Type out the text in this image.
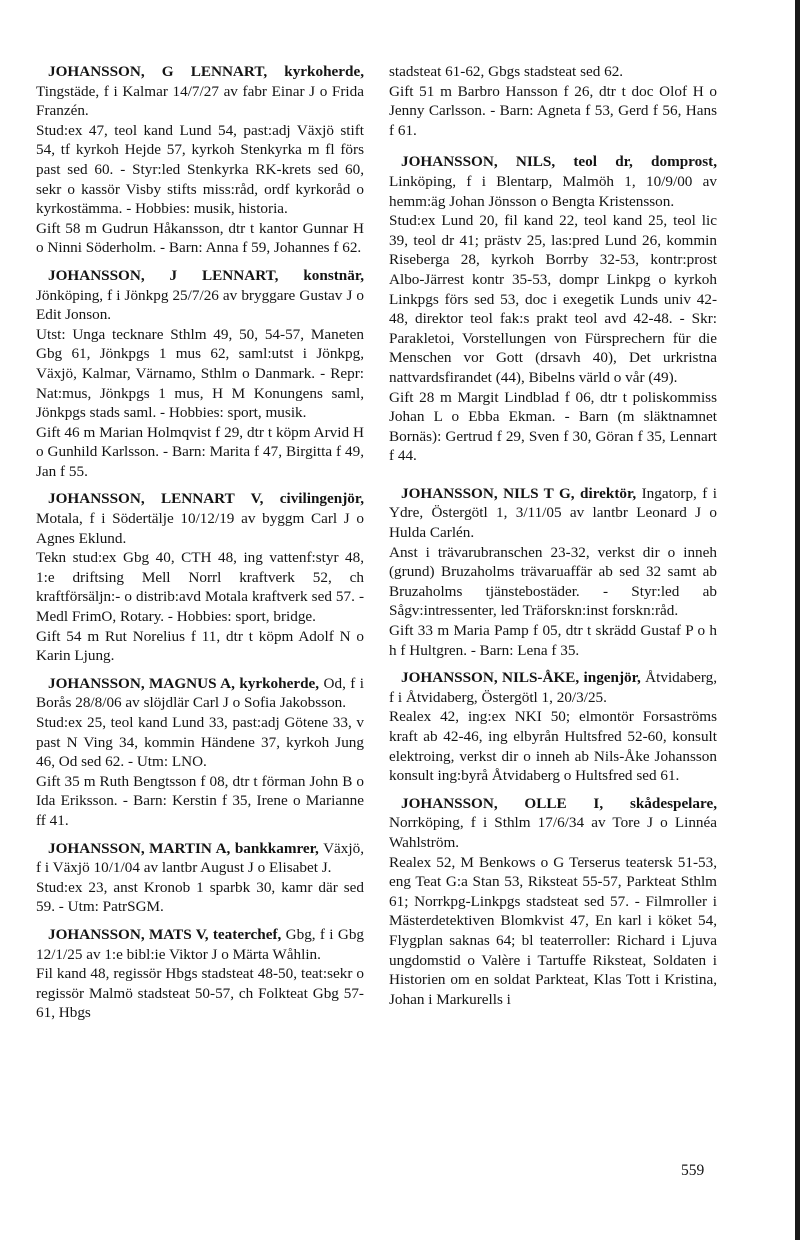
JOHANSSON, G LENNART, kyrkoherde, Tingstäde, f i Kalmar 14/7/27 av fabr Einar J o Frida Franzén.

Stud:ex 47, teol kand Lund 54, past:adj Växjö stift 54, tf kyrkoh Hejde 57, kyrkoh Stenkyrka m fl förs past sed 60. - Styr:led Stenkyrka RK-krets sed 60, sekr o kassör Visby stifts miss:råd, ordf kyrkoråd o kyrkostämma. - Hobbies: musik, historia.

Gift 58 m Gudrun Håkansson, dtr t kantor Gunnar H o Ninni Söderholm. - Barn: Anna f 59, Johannes f 62.

JOHANSSON, J LENNART, konstnär, Jönköping, f i Jönkpg 25/7/26 av bryggare Gustav J o Edit Jonson.

Utst: Unga tecknare Sthlm 49, 50, 54-57, Maneten Gbg 61, Jönkpgs 1 mus 62, saml:utst i Jönkpg, Växjö, Kalmar, Värnamo, Sthlm o Danmark. - Repr: Nat:mus, Jönkpgs 1 mus, H M Konungens saml, Jönkpgs stads saml. - Hobbies: sport, musik.

Gift 46 m Marian Holmqvist f 29, dtr t köpm Arvid H o Gunhild Karlsson. - Barn: Marita f 47, Birgitta f 49, Jan f 55.

JOHANSSON, LENNART V, civilingenjör, Motala, f i Södertälje 10/12/19 av byggm Carl J o Agnes Eklund.

Tekn stud:ex Gbg 40, CTH 48, ing vattenf:styr 48, 1:e driftsing Mell Norrl kraftverk 52, ch kraftförsäljn:- o distrib:avd Motala kraftverk sed 57. - Medl FrimO, Rotary. - Hobbies: sport, bridge.

Gift 54 m Rut Norelius f 11, dtr t köpm Adolf N o Karin Ljung.

JOHANSSON, MAGNUS A, kyrkoherde, Od, f i Borås 28/8/06 av slöjdlär Carl J o Sofia Jakobsson.

Stud:ex 25, teol kand Lund 33, past:adj Götene 33, v past N Ving 34, kommin Händene 37, kyrkoh Jung 46, Od sed 62. - Utm: LNO.

Gift 35 m Ruth Bengtsson f 08, dtr t förman John B o Ida Eriksson. - Barn: Kerstin f 35, Irene o Marianne ff 41.

JOHANSSON, MARTIN A, bankkamrer, Växjö, f i Växjö 10/1/04 av lantbr August J o Elisabet J.

Stud:ex 23, anst Kronob 1 sparbk 30, kamr där sed 59. - Utm: PatrSGM.

JOHANSSON, MATS V, teaterchef, Gbg, f i Gbg 12/1/25 av 1:e bibl:ie Viktor J o Märta Wåhlin.

Fil kand 48, regissör Hbgs stadsteat 48-50, teat:sekr o regissör Malmö stadsteat 50-57, ch Folkteat Gbg 57-61, Hbgs

stadsteat 61-62, Gbgs stadsteat sed 62.

Gift 51 m Barbro Hansson f 26, dtr t doc Olof H o Jenny Carlsson. - Barn: Agneta f 53, Gerd f 56, Hans f 61.

JOHANSSON, NILS, teol dr, domprost, Linköping, f i Blentarp, Malmöh 1, 10/9/00 av hemm:äg Johan Jönsson o Bengta Kristensson.

Stud:ex Lund 20, fil kand 22, teol kand 25, teol lic 39, teol dr 41; prästv 25, las:pred Lund 26, kommin Riseberga 28, kyrkoh Borrby 32-53, kontr:prost Albo-Järrest kontr 35-53, dompr Linkpg o kyrkoh Linkpgs förs sed 53, doc i exegetik Lunds univ 42-48, direktor teol fak:s prakt teol avd 42-48. - Skr: Parakletoi, Vorstellungen von Fürsprechern für die Menschen vor Gott (drsavh 40), Det urkristna nattvardsfirandet (44), Bibelns värld o vår (49).

Gift 28 m Margit Lindblad f 06, dtr t poliskommiss Johan L o Ebba Ekman. - Barn (m släktnamnet Bornäs): Gertrud f 29, Sven f 30, Göran f 35, Lennart f 44.

JOHANSSON, NILS T G, direktör, Ingatorp, f i Ydre, Östergötl 1, 3/11/05 av lantbr Leonard J o Hulda Carlén.

Anst i trävarubranschen 23-32, verkst dir o inneh (grund) Bruzaholms trävaruaffär ab sed 32 samt ab Bruzaholms tjänstebostäder. - Styr:led ab Sågv:intressenter, led Träforskn:inst forskn:råd.

Gift 33 m Maria Pamp f 05, dtr t skrädd Gustaf P o h h f Hultgren. - Barn: Lena f 35.

JOHANSSON, NILS-ÅKE, ingenjör, Åtvidaberg, f i Åtvidaberg, Östergötl 1, 20/3/25.

Realex 42, ing:ex NKI 50; elmontör Forsaströms kraft ab 42-46, ing elbyrån Hultsfred 52-60, konsult elektroing, verkst dir o inneh ab Nils-Åke Johansson konsult ing:byrå Åtvidaberg o Hultsfred sed 61.

JOHANSSON, OLLE I, skådespelare, Norrköping, f i Sthlm 17/6/34 av Tore J o Linnéa Wahlström.

Realex 52, M Benkows o G Terserus teatersk 51-53, eng Teat G:a Stan 53, Riksteat 55-57, Parkteat Sthlm 61; Norrkpg-Linkpgs stadsteat sed 57. - Filmroller i Mästerdetektiven Blomkvist 47, En karl i köket 54, Flygplan saknas 64; bl teaterroller: Richard i Ljuva ungdomstid o Valère i Tartuffe Riksteat, Soldaten i Historien om en soldat Parkteat, Klas Tott i Kristina, Johan i Markurells i

559
